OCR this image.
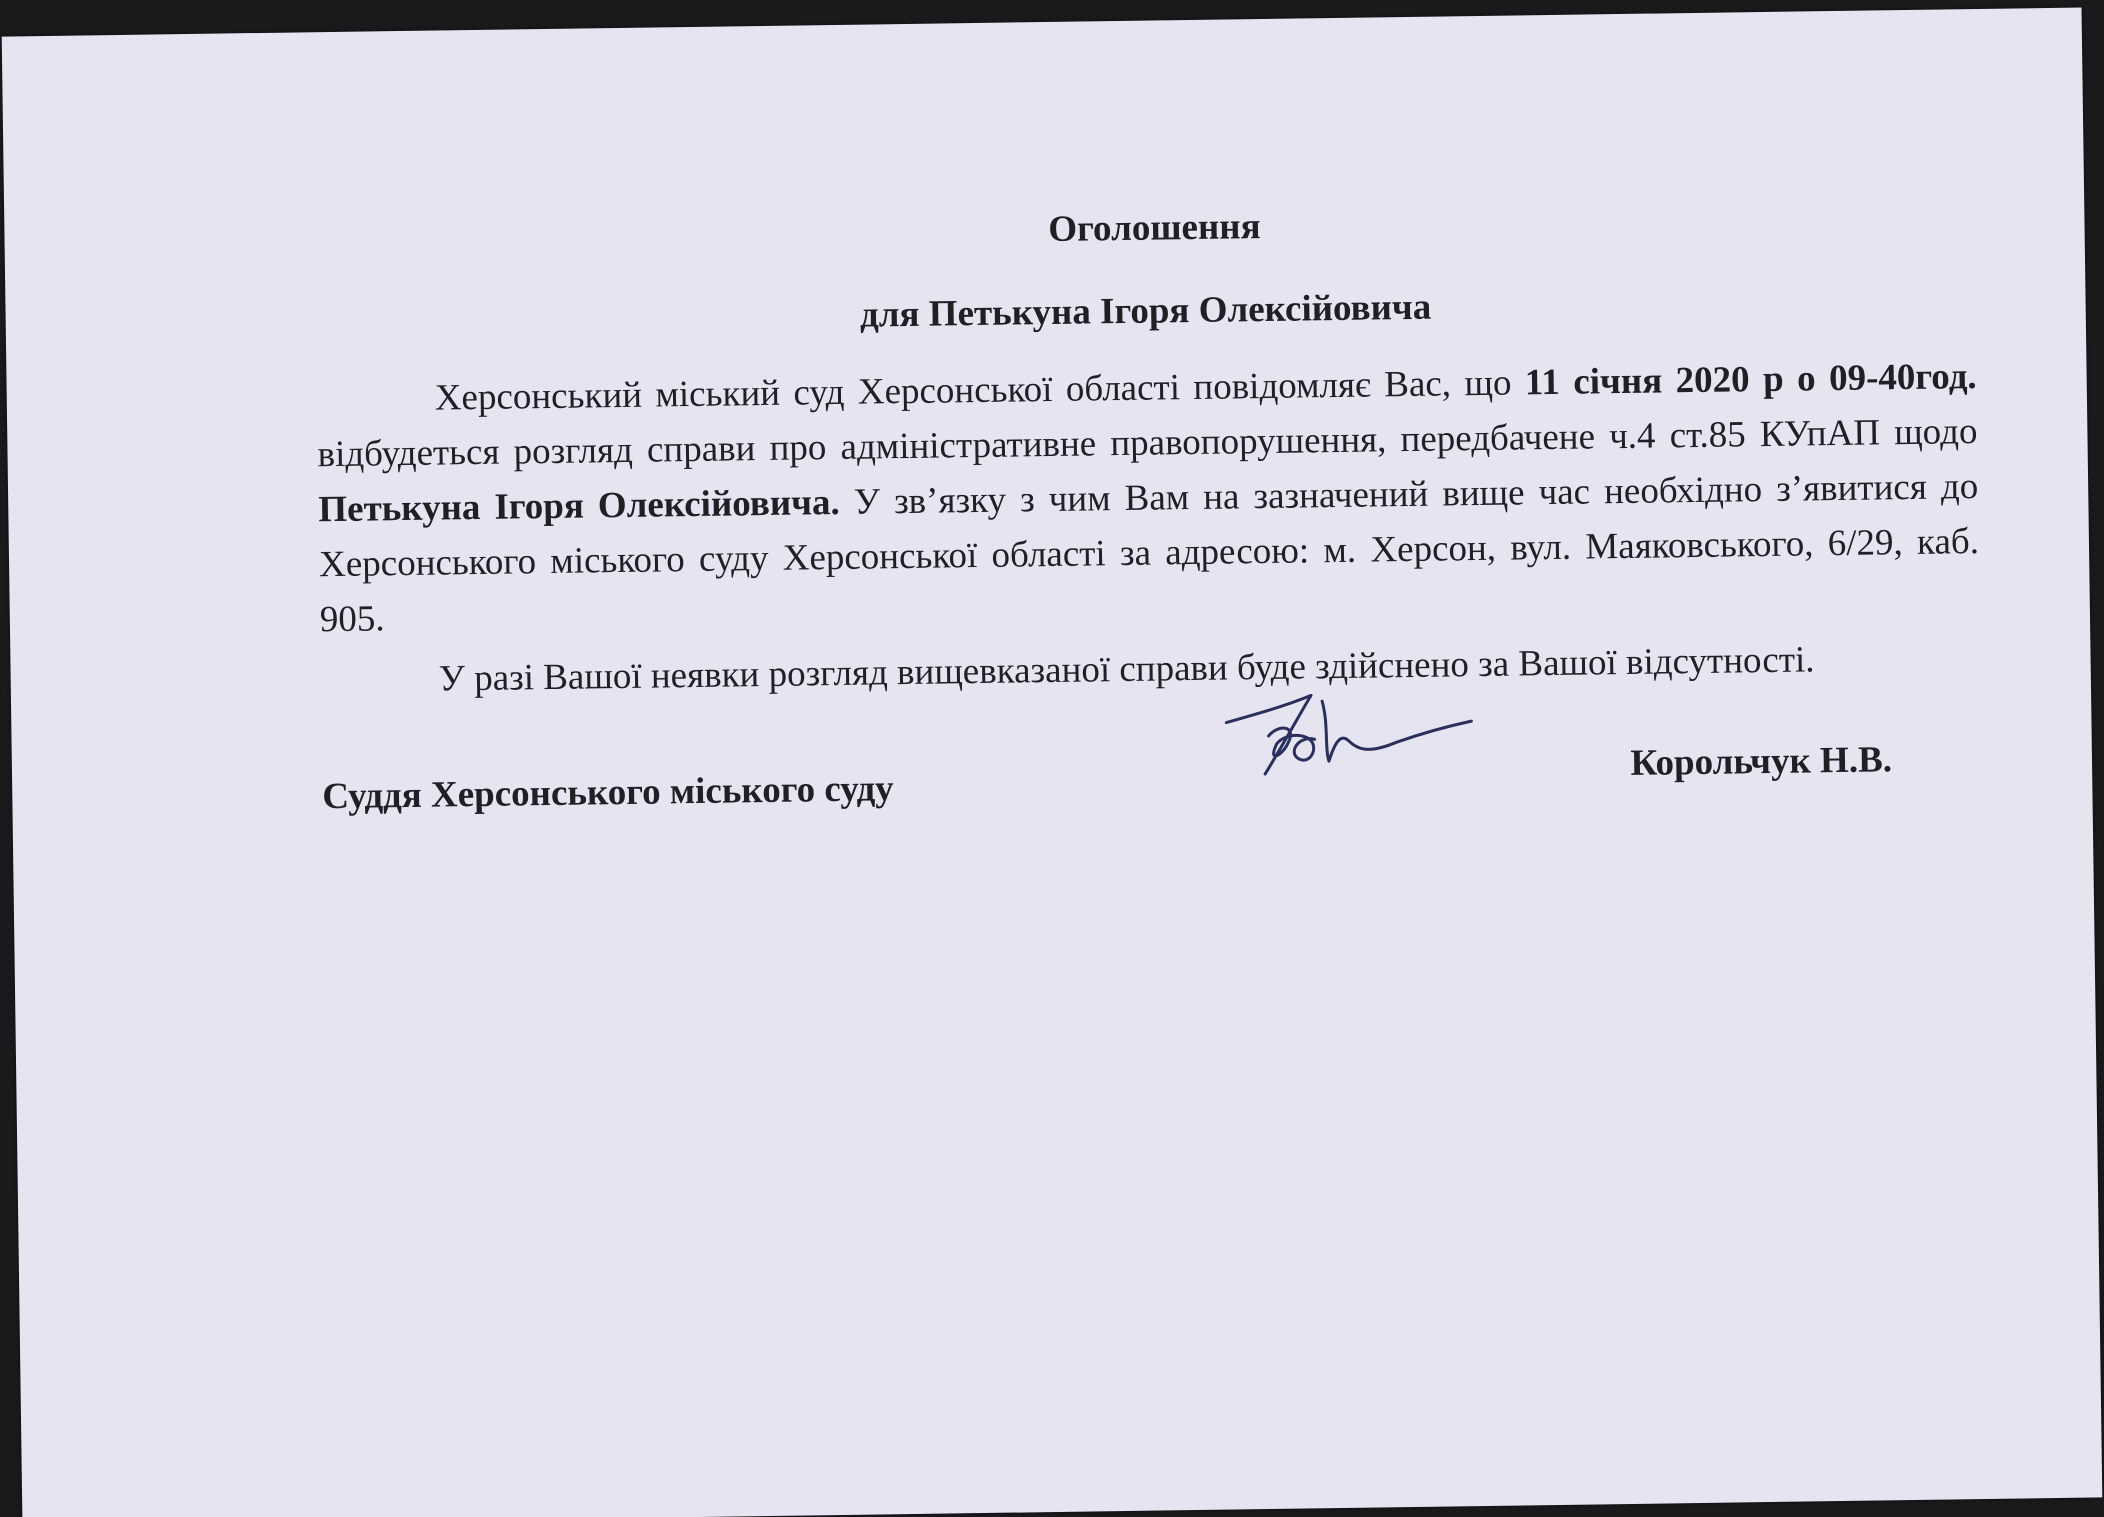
Оголошення

для Петькуна Ігоря Олексійовича

Херсонський міський суд Херсонської області повідомляє Вас, що 11 січня 2020 р о 09-40год. відбудеться розгляд справи про адміністративне правопорушення, передбачене ч.4 ст.85 КУпАП щодо Петькуна Ігоря Олексійовича. У зв’язку з чим Вам на зазначений вище час необхідно з’явитися до Херсонського міського суду Херсонської області за адресою: м. Херсон, вул. Маяковського, 6/29, каб. 905.

У разі Вашої неявки розгляд вищевказаної справи буде здійснено за Вашої відсутності.

Суддя Херсонського міського суду
Корольчук Н.В.
